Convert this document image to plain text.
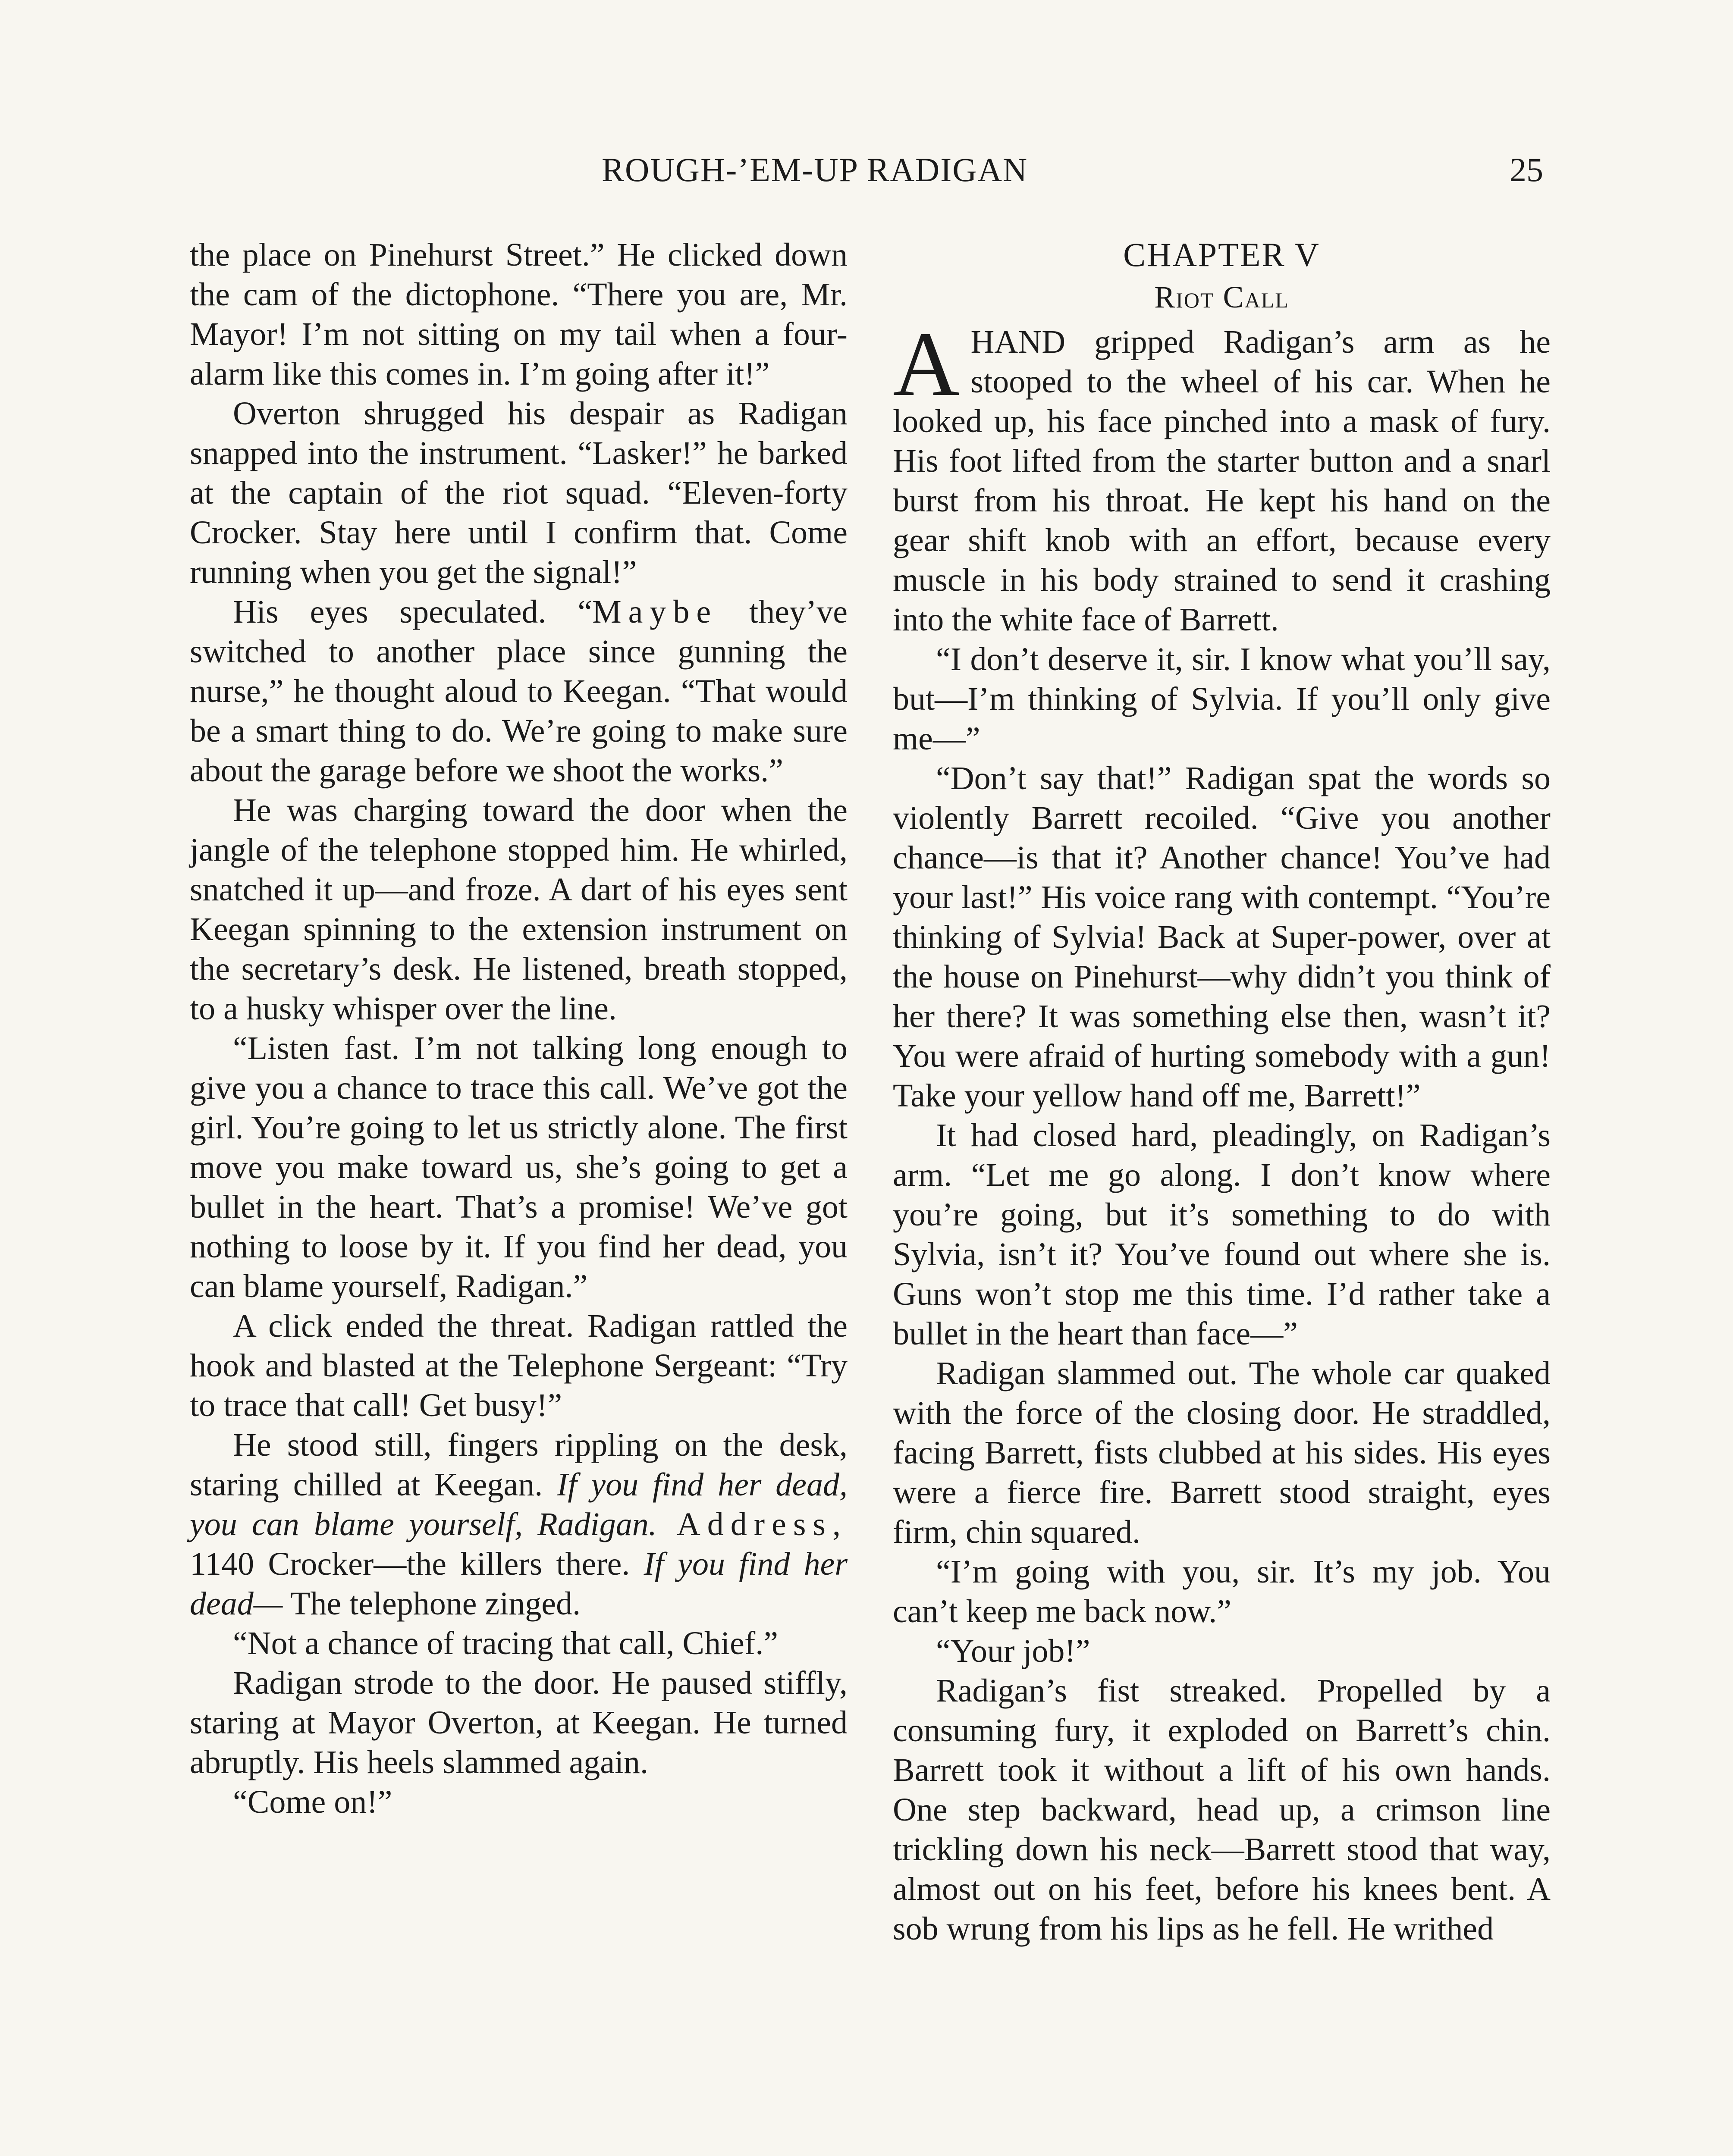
ROUGH-’EM-UP RADIGAN	25

the place on Pinehurst Street.” He clicked down the cam of the dictophone. “There you are, Mr. Mayor! I’m not sitting on my tail when a four-alarm like this comes in. I’m going after it!”

Overton shrugged his despair as Radigan snapped into the instrument. “Lasker!” he barked at the captain of the riot squad. “Eleven-forty Crocker. Stay here until I confirm that. Come running when you get the signal!”

His eyes speculated. “Maybe they’ve switched to another place since gunning the nurse,” he thought aloud to Keegan. “That would be a smart thing to do. We’re going to make sure about the garage before we shoot the works.”

He was charging toward the door when the jangle of the telephone stopped him. He whirled, snatched it up—and froze. A dart of his eyes sent Keegan spinning to the extension instrument on the secretary’s desk. He listened, breath stopped, to a husky whisper over the line.

“Listen fast. I’m not talking long enough to give you a chance to trace this call. We’ve got the girl. You’re going to let us strictly alone. The first move you make toward us, she’s going to get a bullet in the heart. That’s a promise! We’ve got nothing to loose by it. If you find her dead, you can blame yourself, Radigan.”

A click ended the threat. Radigan rattled the hook and blasted at the Telephone Sergeant: “Try to trace that call! Get busy!”

He stood still, fingers rippling on the desk, staring chilled at Keegan. If you find her dead, you can blame yourself, Radigan. Address, 1140 Crocker—the killers there. If you find her dead— The telephone zinged.

“Not a chance of tracing that call, Chief.”

Radigan strode to the door. He paused stiffly, staring at Mayor Overton, at Keegan. He turned abruptly. His heels slammed again.

“Come on!”

CHAPTER V
Riot Call

AHAND gripped Radigan’s arm as he stooped to the wheel of his car. When he looked up, his face pinched into a mask of fury. His foot lifted from the starter button and a snarl burst from his throat. He kept his hand on the gear shift knob with an effort, because every muscle in his body strained to send it crashing into the white face of Barrett.

“I don’t deserve it, sir. I know what you’ll say, but—I’m thinking of Sylvia. If you’ll only give me—”

“Don’t say that!” Radigan spat the words so violently Barrett recoiled. “Give you another chance—is that it? Another chance! You’ve had your last!” His voice rang with contempt. “You’re thinking of Sylvia! Back at Super-power, over at the house on Pinehurst—why didn’t you think of her there? It was something else then, wasn’t it? You were afraid of hurting somebody with a gun! Take your yellow hand off me, Barrett!”

It had closed hard, pleadingly, on Radigan’s arm. “Let me go along. I don’t know where you’re going, but it’s something to do with Sylvia, isn’t it? You’ve found out where she is. Guns won’t stop me this time. I’d rather take a bullet in the heart than face—”

Radigan slammed out. The whole car quaked with the force of the closing door. He straddled, facing Barrett, fists clubbed at his sides. His eyes were a fierce fire. Barrett stood straight, eyes firm, chin squared.

“I’m going with you, sir. It’s my job. You can’t keep me back now.”

“Your job!”

Radigan’s fist streaked. Propelled by a consuming fury, it exploded on Barrett’s chin. Barrett took it without a lift of his own hands. One step backward, head up, a crimson line trickling down his neck—Barrett stood that way, almost out on his feet, before his knees bent. A sob wrung from his lips as he fell. He writhed
